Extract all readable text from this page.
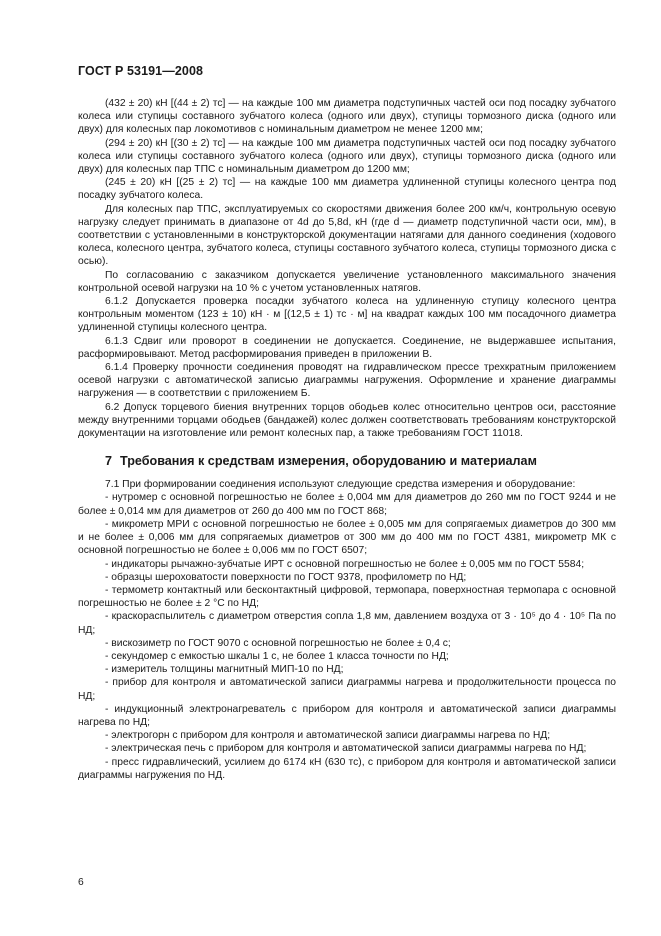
ГОСТ Р 53191—2008

(432 ± 20) кН [(44 ± 2) тс] — на каждые 100 мм диаметра подступичных частей оси под посадку зубчатого колеса или ступицы составного зубчатого колеса (одного или двух), ступицы тормозного диска (одного или двух) для колесных пар локомотивов с номинальным диаметром не менее 1200 мм;

(294 ± 20) кН [(30 ± 2) тс] — на каждые 100 мм диаметра подступичных частей оси под посадку зубчатого колеса или ступицы составного зубчатого колеса (одного или двух), ступицы тормозного диска (одного или двух) для колесных пар ТПС с номинальным диаметром до 1200 мм;

(245 ± 20) кН [(25 ± 2) тс] — на каждые 100 мм диаметра удлиненной ступицы колесного центра под посадку зубчатого колеса.

Для колесных пар ТПС, эксплуатируемых со скоростями движения более 200 км/ч, контрольную осевую нагрузку следует принимать в диапазоне от 4d до 5,8d, кН (где d — диаметр подступичной части оси, мм), в соответствии с установленными в конструкторской документации натягами для данного соединения (ходового колеса, колесного центра, зубчатого колеса, ступицы составного зубчатого колеса, ступицы тормозного диска с осью).

По согласованию с заказчиком допускается увеличение установленного максимального значения контрольной осевой нагрузки на 10 % с учетом установленных натягов.

6.1.2 Допускается проверка посадки зубчатого колеса на удлиненную ступицу колесного центра контрольным моментом (123 ± 10) кН · м [(12,5 ± 1) тс · м] на квадрат каждых 100 мм посадочного диаметра удлиненной ступицы колесного центра.

6.1.3 Сдвиг или проворот в соединении не допускается. Соединение, не выдержавшее испытания, расформировывают. Метод расформирования приведен в приложении В.

6.1.4 Проверку прочности соединения проводят на гидравлическом прессе трехкратным приложением осевой нагрузки с автоматической записью диаграммы нагружения. Оформление и хранение диаграммы нагружения — в соответствии с приложением Б.

6.2 Допуск торцевого биения внутренних торцов ободьев колес относительно центров оси, расстояние между внутренними торцами ободьев (бандажей) колес должен соответствовать требованиям конструкторской документации на изготовление или ремонт колесных пар, а также требованиям ГОСТ 11018.

7 Требования к средствам измерения, оборудованию и материалам

7.1 При формировании соединения используют следующие средства измерения и оборудование:

- нутромер с основной погрешностью не более ± 0,004 мм для диаметров до 260 мм по ГОСТ 9244 и не более ± 0,014 мм для диаметров от 260 до 400 мм по ГОСТ 868;

- микрометр МРИ с основной погрешностью не более ± 0,005 мм для сопрягаемых диаметров до 300 мм и не более ± 0,006 мм для сопрягаемых диаметров от 300 мм до 400 мм по ГОСТ 4381, микрометр МК с основной погрешностью не более ± 0,006 мм по ГОСТ 6507;

- индикаторы рычажно-зубчатые ИРТ с основной погрешностью не более ± 0,005 мм по ГОСТ 5584;

- образцы шероховатости поверхности по ГОСТ 9378, профилометр по НД;

- термометр контактный или бесконтактный цифровой, термопара, поверхностная термопара с основной погрешностью не более ± 2 °С по НД;

- краскораспылитель с диаметром отверстия сопла 1,8 мм, давлением воздуха от 3 · 10⁵ до 4 · 10⁵ Па по НД;

- вискозиметр по ГОСТ 9070 с основной погрешностью не более ± 0,4 с;

- секундомер с емкостью шкалы 1 с, не более 1 класса точности по НД;

- измеритель толщины магнитный МИП-10 по НД;

- прибор для контроля и автоматической записи диаграммы нагрева и продолжительности процесса по НД;

- индукционный электронагреватель с прибором для контроля и автоматической записи диаграммы нагрева по НД;

- электрогорн с прибором для контроля и автоматической записи диаграммы нагрева по НД;

- электрическая печь с прибором для контроля и автоматической записи диаграммы нагрева по НД;

- пресс гидравлический, усилием до 6174 кН (630 тс), с прибором для контроля и автоматической записи диаграммы нагружения по НД.

6
